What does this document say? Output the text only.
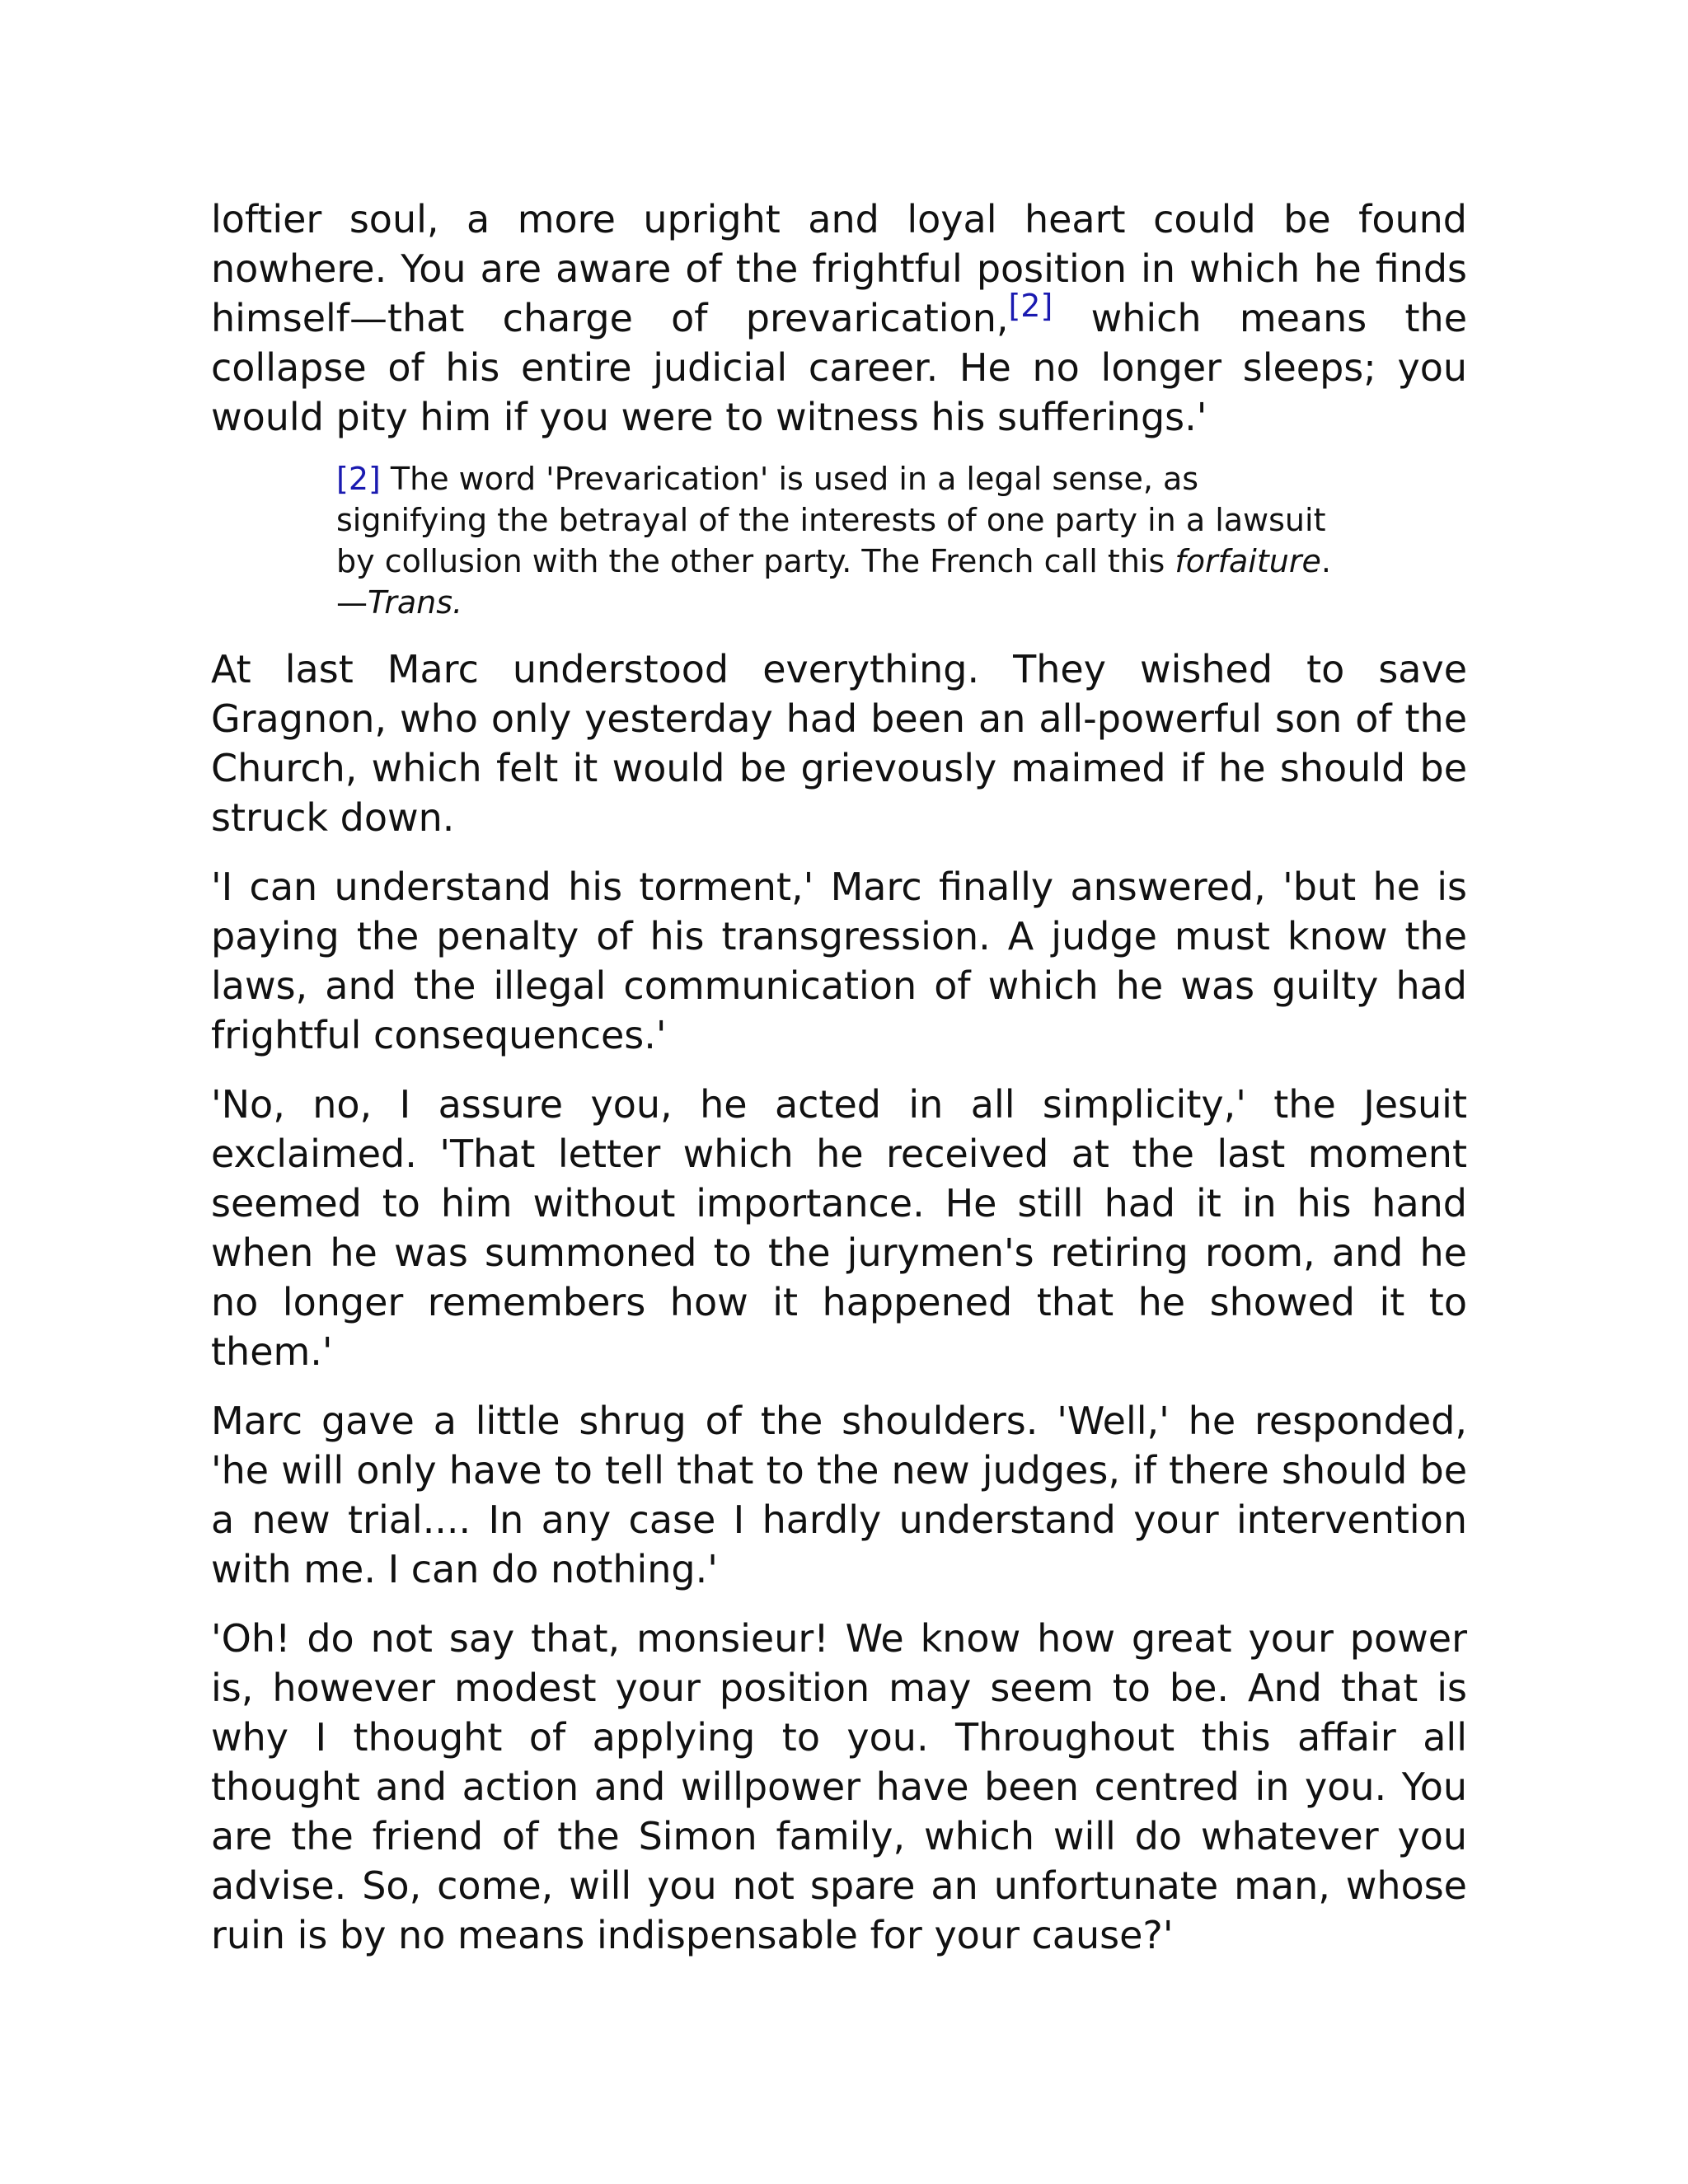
loftier soul, a more upright and loyal heart could be found nowhere. You are aware of the frightful position in which he finds himself—that charge of prevarication,[2] which means the collapse of his entire judicial career. He no longer sleeps; you would pity him if you were to witness his sufferings.'

[2] The word 'Prevarication' is used in a legal sense, as signifying the betrayal of the interests of one party in a lawsuit by collusion with the other party. The French call this forfaiture.—Trans.

At last Marc understood everything. They wished to save Gragnon, who only yesterday had been an all-powerful son of the Church, which felt it would be grievously maimed if he should be struck down.

'I can understand his torment,' Marc finally answered, 'but he is paying the penalty of his transgression. A judge must know the laws, and the illegal communication of which he was guilty had frightful consequences.'

'No, no, I assure you, he acted in all simplicity,' the Jesuit exclaimed. 'That letter which he received at the last moment seemed to him without importance. He still had it in his hand when he was summoned to the jurymen's retiring room, and he no longer remembers how it happened that he showed it to them.'

Marc gave a little shrug of the shoulders. 'Well,' he responded, 'he will only have to tell that to the new judges, if there should be a new trial.... In any case I hardly understand your intervention with me. I can do nothing.'

'Oh! do not say that, monsieur! We know how great your power is, however modest your position may seem to be. And that is why I thought of applying to you. Throughout this affair all thought and action and willpower have been centred in you. You are the friend of the Simon family, which will do whatever you advise. So, come, will you not spare an unfortunate man, whose ruin is by no means indispensable for your cause?'
